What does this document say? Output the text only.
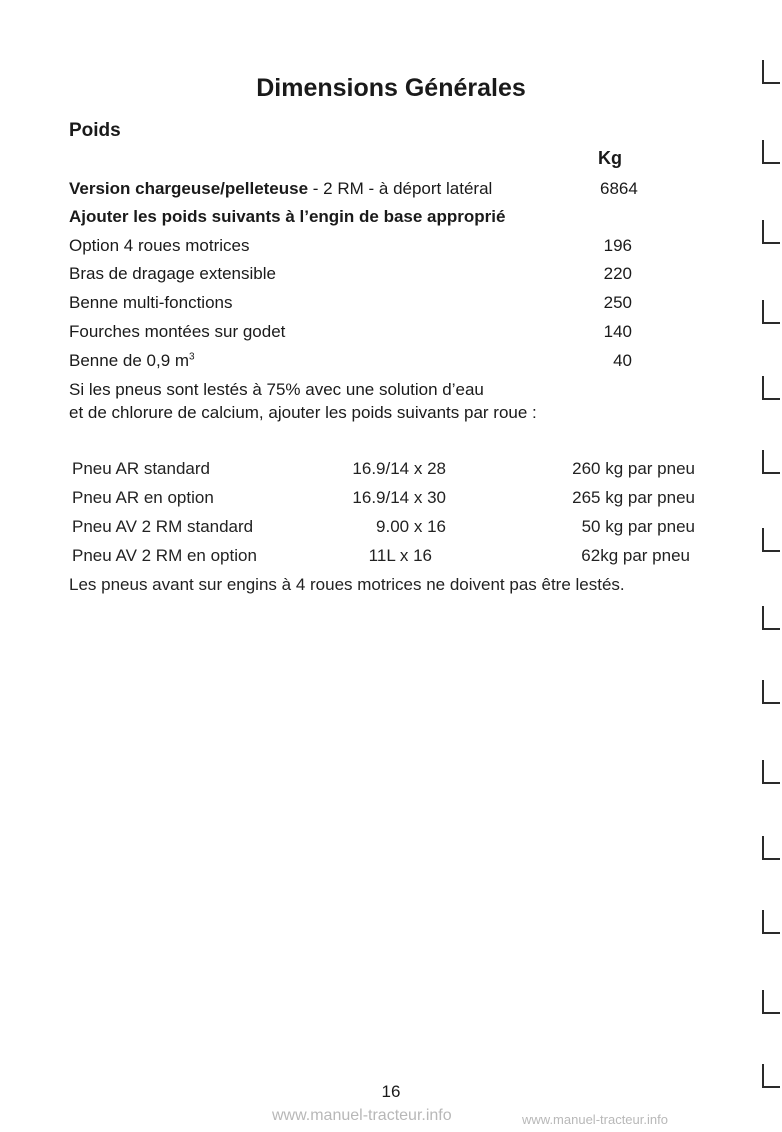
Dimensions Générales
Poids
Kg
Version chargeuse/pelleteuse - 2 RM - à déport latéral	6864
Ajouter les poids suivants à l’engin de base approprié
Option 4 roues motrices	196
Bras de dragage extensible	220
Benne multi-fonctions	250
Fourches montées sur godet	140
Benne de 0,9 $m^3$	40
Si les pneus sont lestés à 75% avec une solution d’eau
et de chlorure de calcium, ajouter les poids suivants par roue :
Pneu AR standard	16.9/14 x 28	260 kg par pneu
Pneu AR en option	16.9/14 x 30	265 kg par pneu
Pneu AV 2 RM standard	9.00 x 16	50 kg par pneu
Pneu AV 2 RM en option	11L x 16	62kg par pneu
Les pneus avant sur engins à 4 roues motrices ne doivent pas être lestés.
16
www.manuel-tracteur.info	www.manuel-tracteur.info
